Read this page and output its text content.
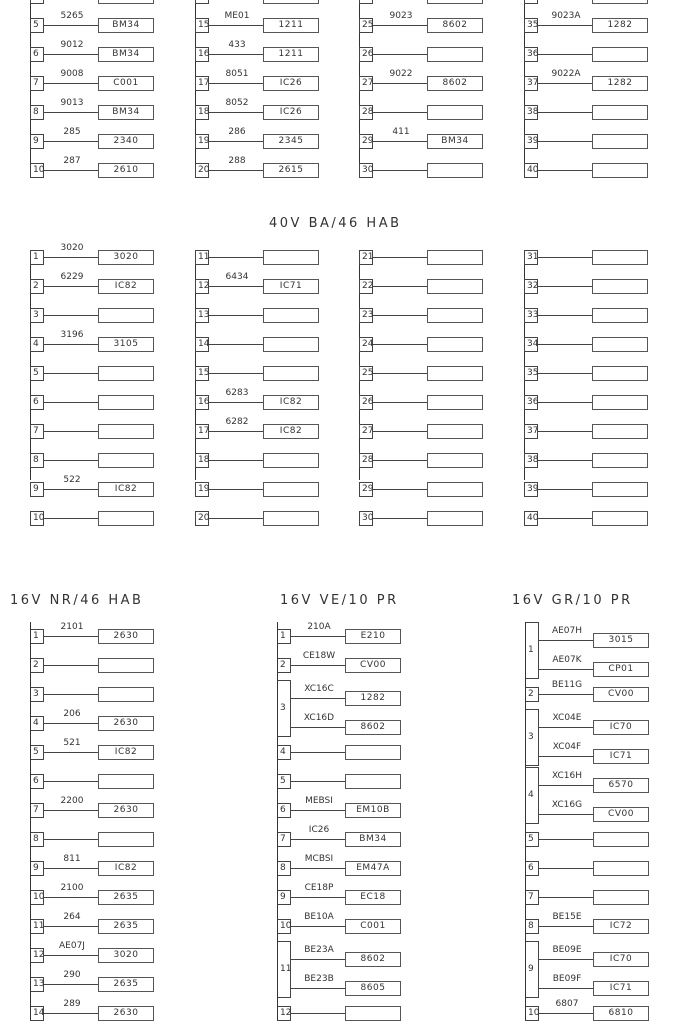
5
5265
BM34
6
9012
BM34
7
9008
C001
8
9013
BM34
9
285
2340
10
287
2610
15
ME01
1211
16
433
1211
17
8051
IC26
18
8052
IC26
19
286
2345
20
288
2615
25
9023
8602
26
27
9022
8602
28
29
411
BM34
30
35
9023A
1282
36
37
9022A
1282
38
39
40
40V BA/46 HAB
1
3020
3020
2
6229
IC82
3
4
3196
3105
5
6
7
8
9
522
IC82
10
11
12
6434
IC71
13
14
15
16
6283
IC82
17
6282
IC82
18
19
20
21
22
23
24
25
26
27
28
29
30
31
32
33
34
35
36
37
38
39
40
16V NR/46 HAB
1
2101
2630
2
3
4
206
2630
5
521
IC82
6
7
2200
2630
8
9
811
IC82
10
2100
2635
11
264
2635
12
AE07J
3020
13
290
2635
14
289
2630
16V VE/10 PR
1
210A
E210
2
CE18W
CV00
3
XC16C
1282
XC16D
8602
4
5
6
MEBSI
EM10B
7
IC26
BM34
8
MCBSI
EM47A
9
CE18P
EC18
10
BE10A
C001
11
BE23A
8602
BE23B
8605
12
16V GR/10 PR
1
AE07H
3015
AE07K
CP01
2
BE11G
CV00
3
XC04E
IC70
XC04F
IC71
4
XC16H
6570
XC16G
CV00
5
6
7
8
BE15E
IC72
9
BE09E
IC70
BE09F
IC71
10
6807
6810
